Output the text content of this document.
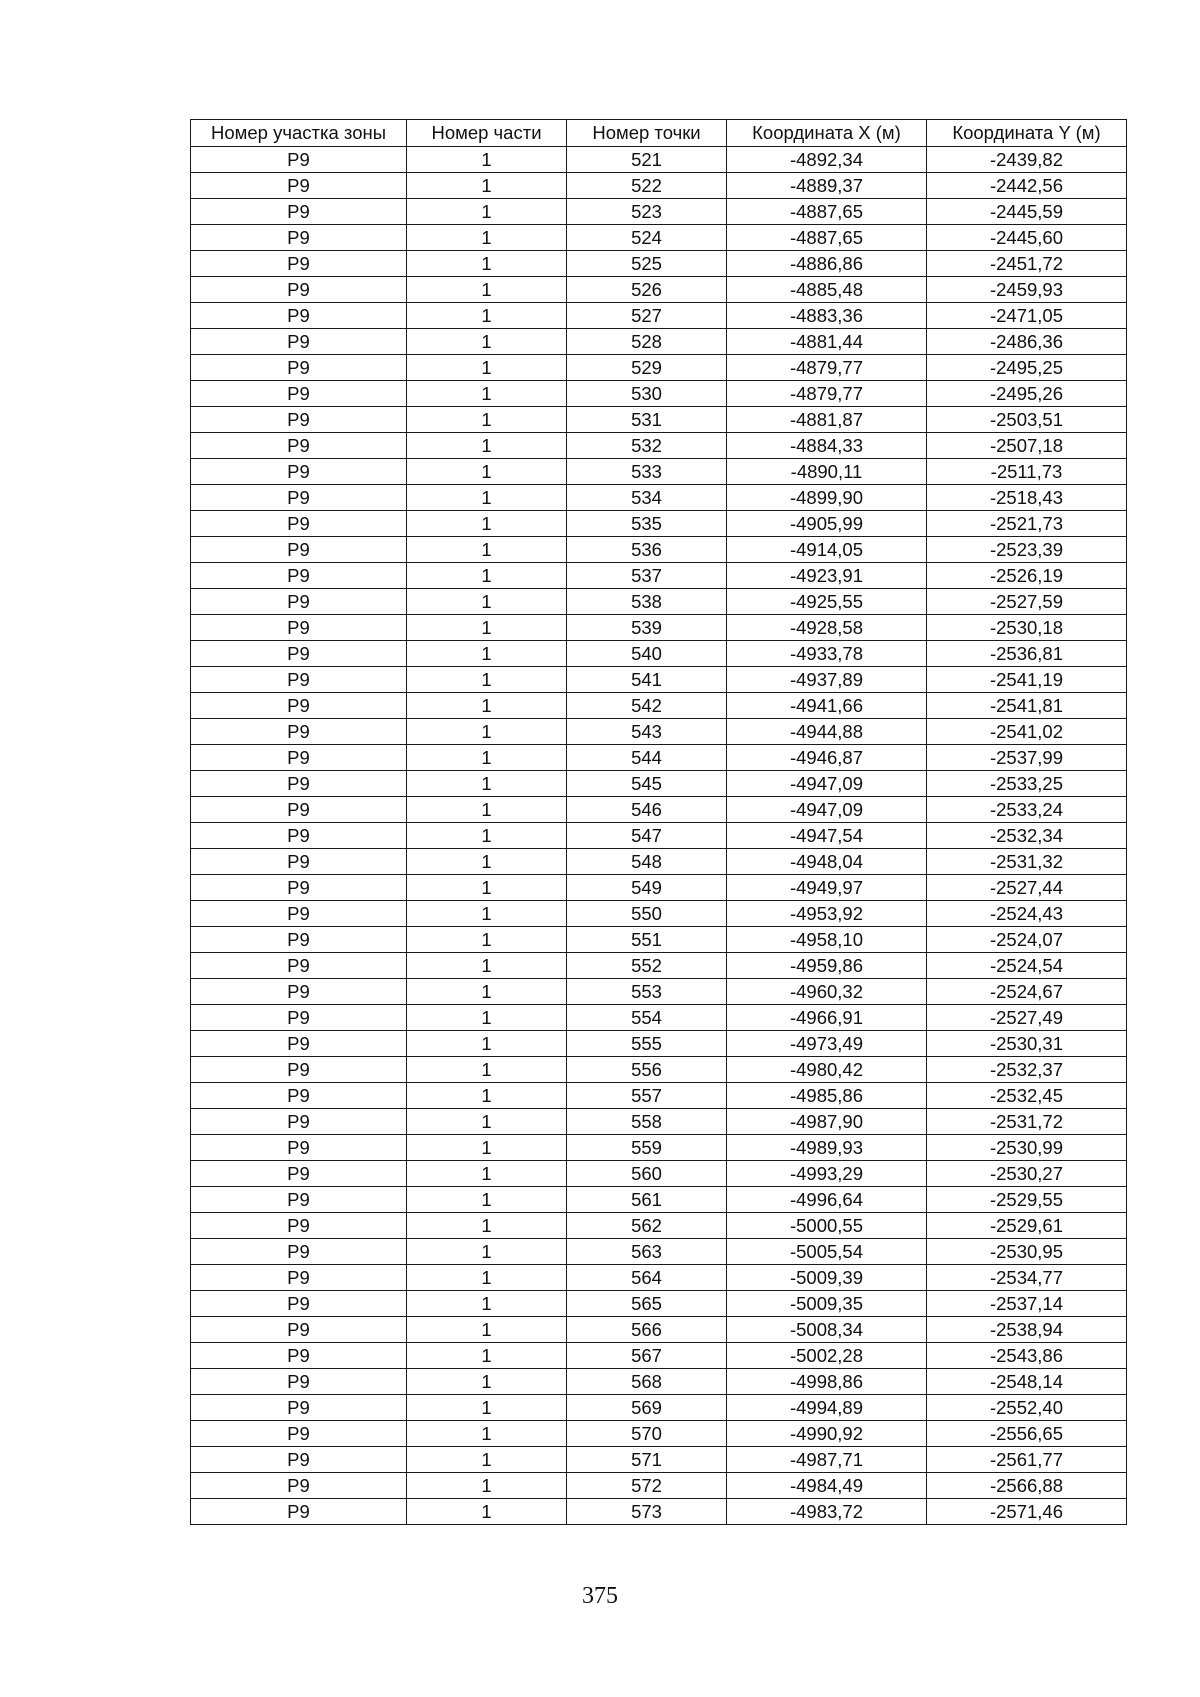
Номер участка зоны	Номер части	Номер точки	Координата X (м)	Координата Y (м)
Р9	1	521	-4892,34	-2439,82
Р9	1	522	-4889,37	-2442,56
Р9	1	523	-4887,65	-2445,59
Р9	1	524	-4887,65	-2445,60
Р9	1	525	-4886,86	-2451,72
Р9	1	526	-4885,48	-2459,93
Р9	1	527	-4883,36	-2471,05
Р9	1	528	-4881,44	-2486,36
Р9	1	529	-4879,77	-2495,25
Р9	1	530	-4879,77	-2495,26
Р9	1	531	-4881,87	-2503,51
Р9	1	532	-4884,33	-2507,18
Р9	1	533	-4890,11	-2511,73
Р9	1	534	-4899,90	-2518,43
Р9	1	535	-4905,99	-2521,73
Р9	1	536	-4914,05	-2523,39
Р9	1	537	-4923,91	-2526,19
Р9	1	538	-4925,55	-2527,59
Р9	1	539	-4928,58	-2530,18
Р9	1	540	-4933,78	-2536,81
Р9	1	541	-4937,89	-2541,19
Р9	1	542	-4941,66	-2541,81
Р9	1	543	-4944,88	-2541,02
Р9	1	544	-4946,87	-2537,99
Р9	1	545	-4947,09	-2533,25
Р9	1	546	-4947,09	-2533,24
Р9	1	547	-4947,54	-2532,34
Р9	1	548	-4948,04	-2531,32
Р9	1	549	-4949,97	-2527,44
Р9	1	550	-4953,92	-2524,43
Р9	1	551	-4958,10	-2524,07
Р9	1	552	-4959,86	-2524,54
Р9	1	553	-4960,32	-2524,67
Р9	1	554	-4966,91	-2527,49
Р9	1	555	-4973,49	-2530,31
Р9	1	556	-4980,42	-2532,37
Р9	1	557	-4985,86	-2532,45
Р9	1	558	-4987,90	-2531,72
Р9	1	559	-4989,93	-2530,99
Р9	1	560	-4993,29	-2530,27
Р9	1	561	-4996,64	-2529,55
Р9	1	562	-5000,55	-2529,61
Р9	1	563	-5005,54	-2530,95
Р9	1	564	-5009,39	-2534,77
Р9	1	565	-5009,35	-2537,14
Р9	1	566	-5008,34	-2538,94
Р9	1	567	-5002,28	-2543,86
Р9	1	568	-4998,86	-2548,14
Р9	1	569	-4994,89	-2552,40
Р9	1	570	-4990,92	-2556,65
Р9	1	571	-4987,71	-2561,77
Р9	1	572	-4984,49	-2566,88
Р9	1	573	-4983,72	-2571,46
375
